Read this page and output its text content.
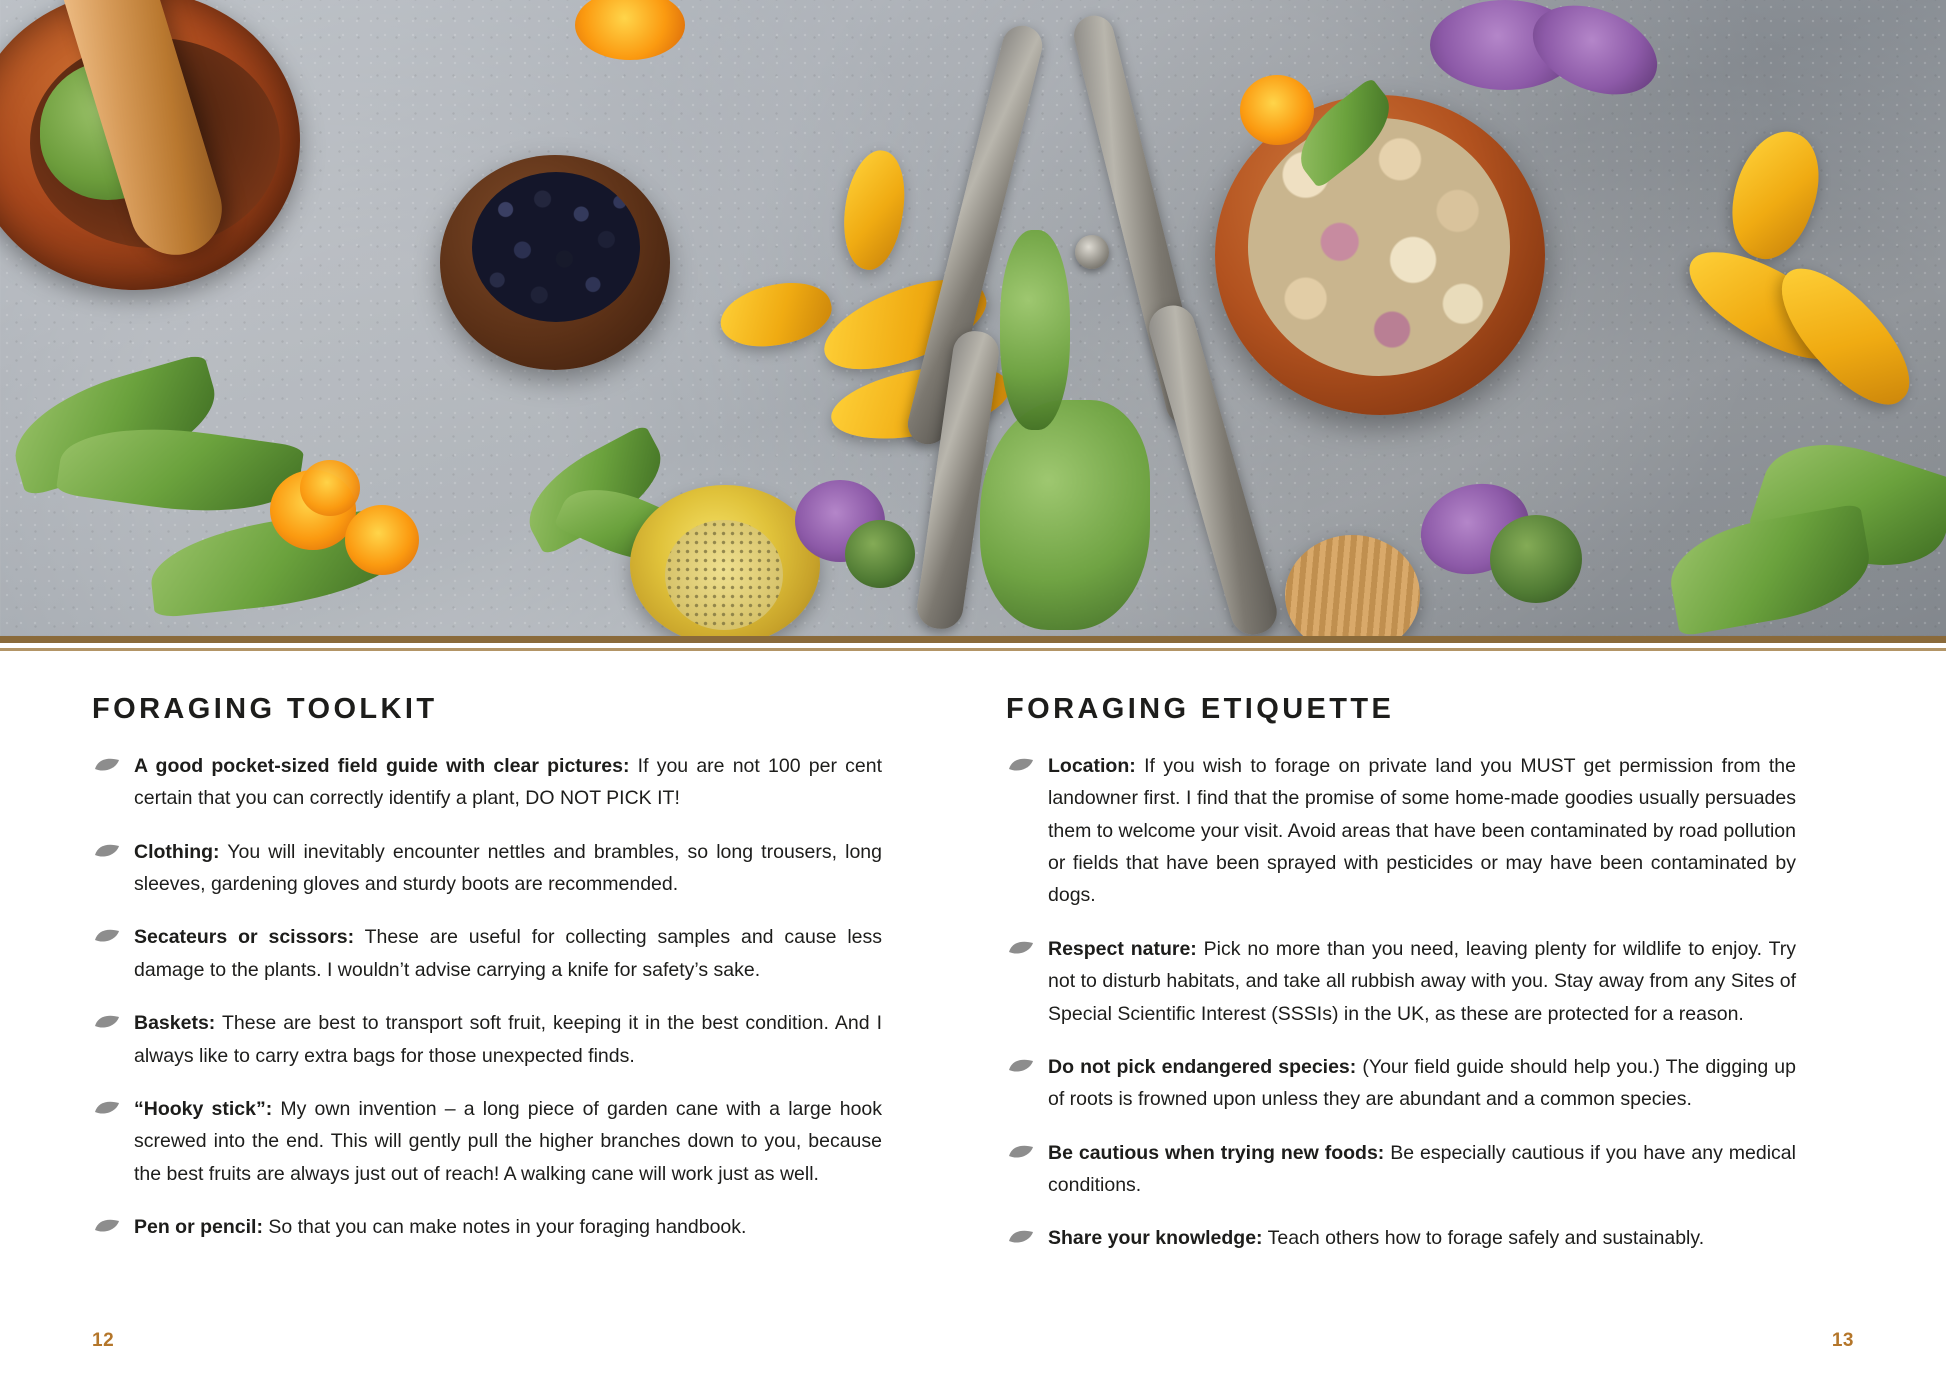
FORAGING TOOLKIT
A good pocket-sized field guide with clear pictures: If you are not 100 per cent certain that you can correctly identify a plant, DO NOT PICK IT!
Clothing: You will inevitably encounter nettles and brambles, so long trousers, long sleeves, gardening gloves and sturdy boots are recommended.
Secateurs or scissors: These are useful for collecting samples and cause less damage to the plants. I wouldn’t advise carrying a knife for safety’s sake.
Baskets: These are best to transport soft fruit, keeping it in the best condition. And I always like to carry extra bags for those unexpected finds.
“Hooky stick”: My own invention – a long piece of garden cane with a large hook screwed into the end. This will gently pull the higher branches down to you, because the best fruits are always just out of reach! A walking cane will work just as well.
Pen or pencil: So that you can make notes in your foraging handbook.
FORAGING ETIQUETTE
Location: If you wish to forage on private land you MUST get permission from the landowner first. I find that the promise of some home-made goodies usually persuades them to welcome your visit. Avoid areas that have been contaminated by road pollution or fields that have been sprayed with pesticides or may have been contaminated by dogs.
Respect nature: Pick no more than you need, leaving plenty for wildlife to enjoy. Try not to disturb habitats, and take all rubbish away with you. Stay away from any Sites of Special Scientific Interest (SSSIs) in the UK, as these are protected for a reason.
Do not pick endangered species: (Your field guide should help you.) The digging up of roots is frowned upon unless they are abundant and a common species.
Be cautious when trying new foods: Be especially cautious if you have any medical conditions.
Share your knowledge: Teach others how to forage safely and sustainably.
12	13
